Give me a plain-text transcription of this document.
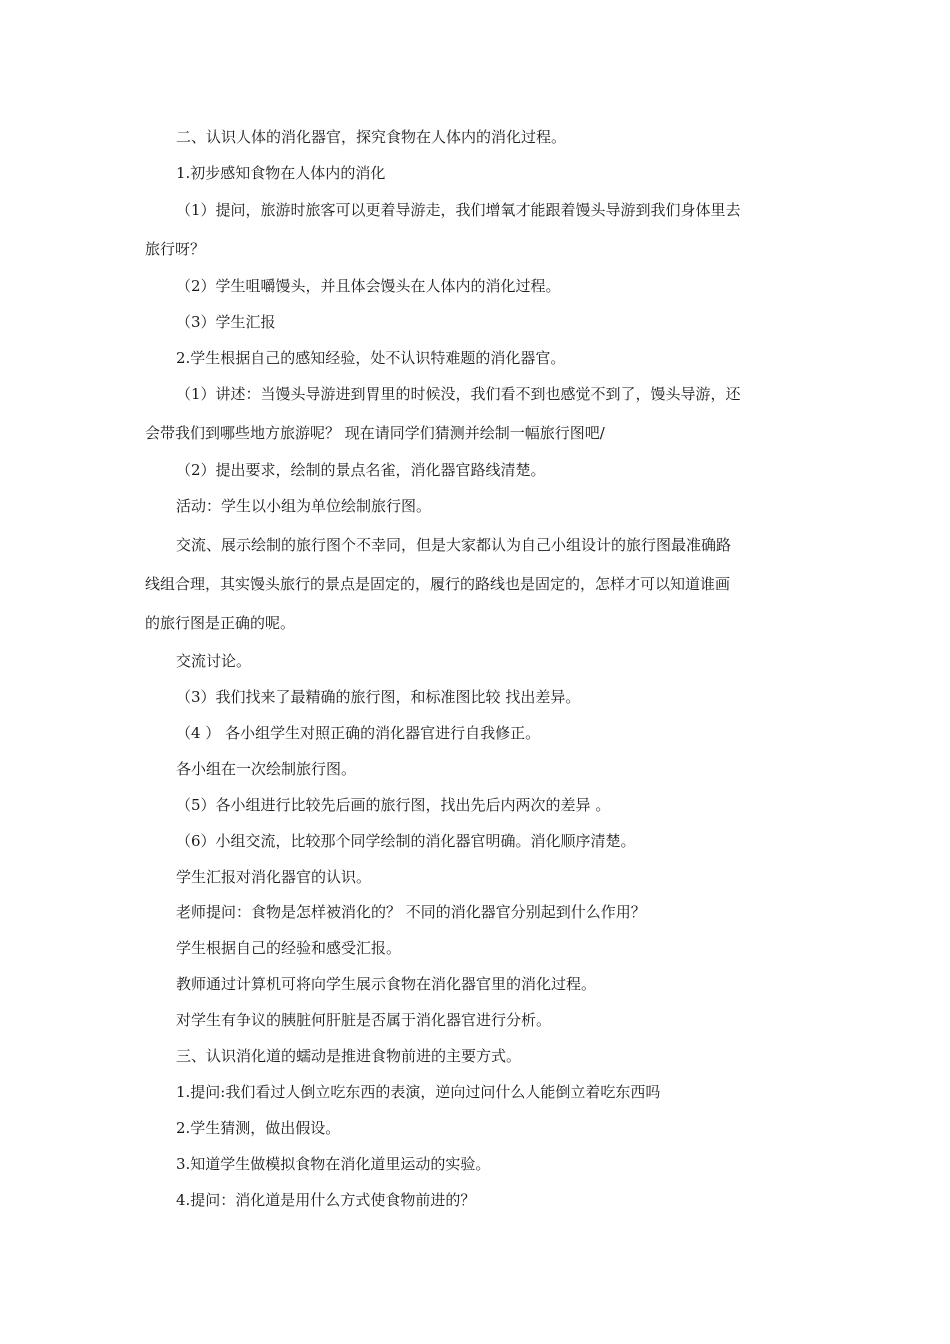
二、认识人体的消化器官，探究食物在人体内的消化过程。
1.初步感知食物在人体内的消化
（1）提问，旅游时旅客可以更着导游走，我们增氧才能跟着馒头导游到我们身体里去
旅行呀？
（2）学生咀嚼馒头，并且体会馒头在人体内的消化过程。
（3）学生汇报
2.学生根据自己的感知经验，处不认识特难题的消化器官。
（1）讲述：当馒头导游进到胃里的时候没，我们看不到也感觉不到了，馒头导游，还
会带我们到哪些地方旅游呢？ 现在请同学们猜测并绘制一幅旅行图吧/
（2）提出要求，绘制的景点名雀，消化器官路线清楚。
活动：学生以小组为单位绘制旅行图。
交流、展示绘制的旅行图个不幸同，但是大家都认为自己小组设计的旅行图最准确路
线组合理，其实馒头旅行的景点是固定的，履行的路线也是固定的，怎样才可以知道谁画
的旅行图是正确的呢。
交流讨论。
（3）我们找来了最精确的旅行图，和标准图比较 找出差异。
（4 ） 各小组学生对照正确的消化器官进行自我修正。
各小组在一次绘制旅行图。
（5）各小组进行比较先后画的旅行图，找出先后内两次的差异 。
（6）小组交流，比较那个同学绘制的消化器官明确。消化顺序清楚。
学生汇报对消化器官的认识。
老师提问：食物是怎样被消化的？ 不同的消化器官分别起到什么作用？
学生根据自己的经验和感受汇报。
教师通过计算机可将向学生展示食物在消化器官里的消化过程。
对学生有争议的胰脏何肝脏是否属于消化器官进行分析。
三、认识消化道的蠕动是推进食物前进的主要方式。
1.提问:我们看过人倒立吃东西的表演，逆向过问什么人能倒立着吃东西吗
2.学生猜测，做出假设。
3.知道学生做模拟食物在消化道里运动的实验。
4.提问：消化道是用什么方式使食物前进的？
